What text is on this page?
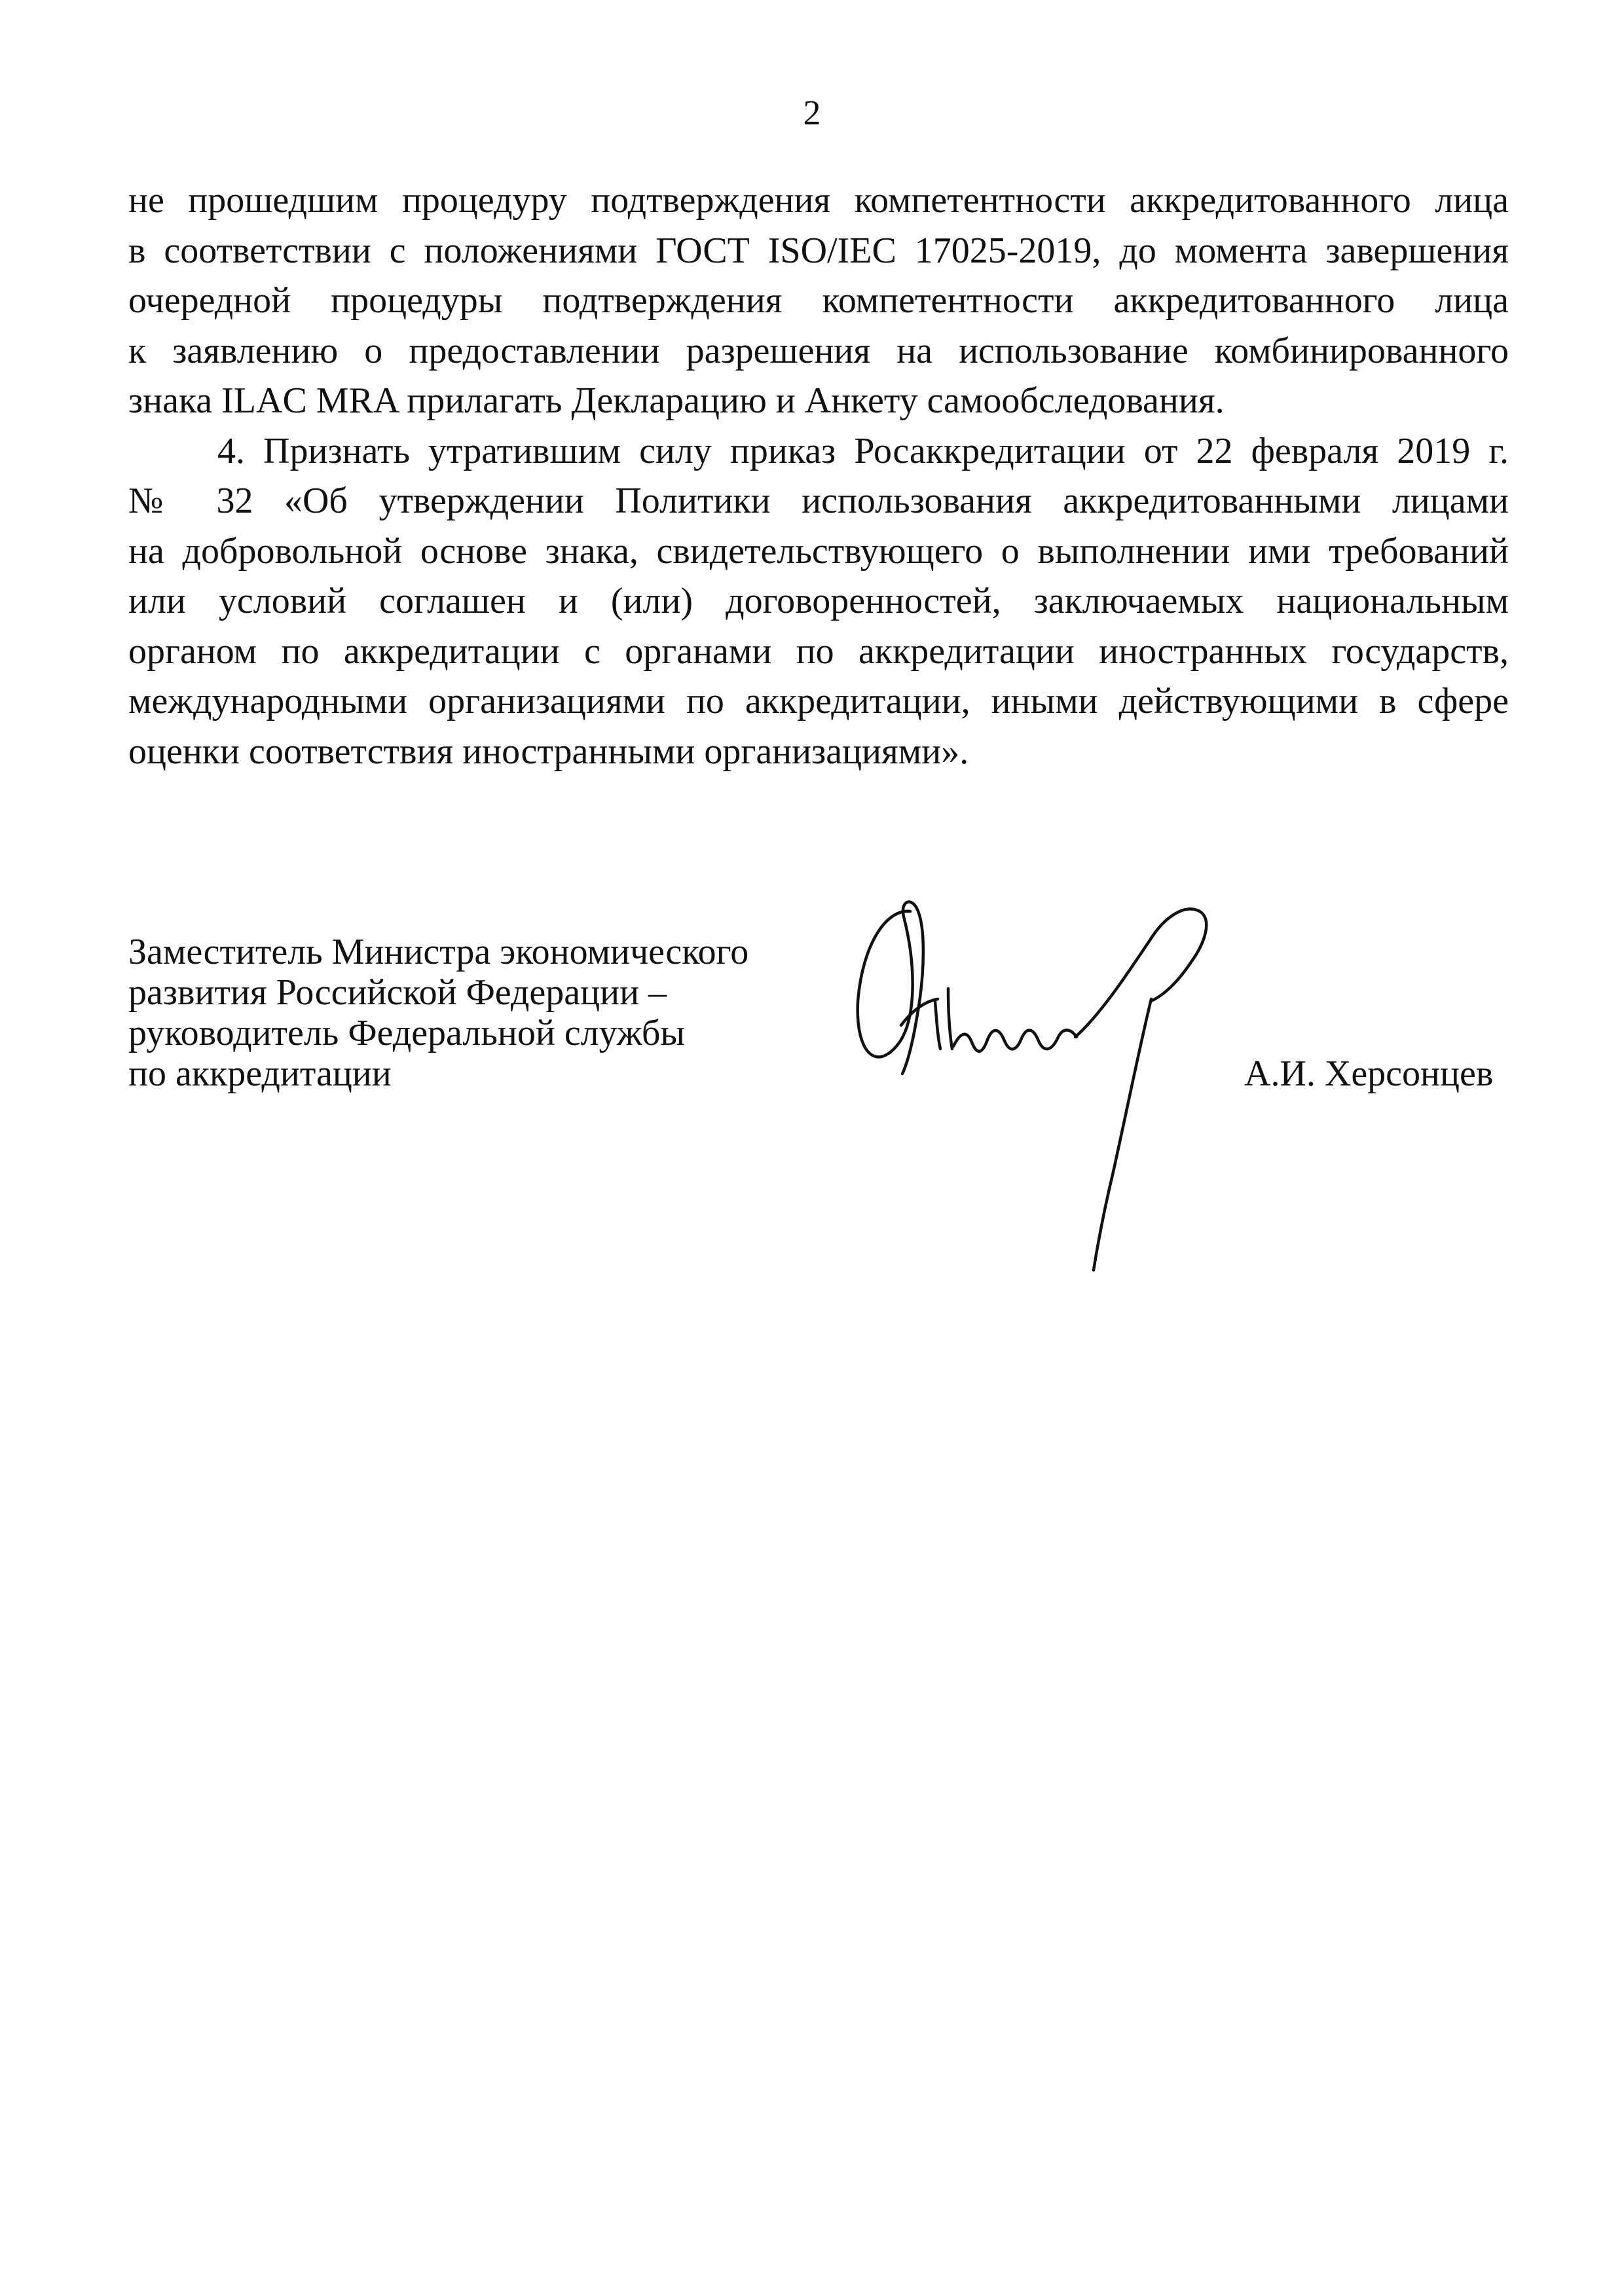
2
не прошедшим процедуру подтверждения компетентности аккредитованного лица
в соответствии с положениями ГОСТ ISO/IEC 17025-2019, до момента завершения
очередной процедуры подтверждения компетентности аккредитованного лица
к заявлению о предоставлении разрешения на использование комбинированного
знака ILAC MRA прилагать Декларацию и Анкету самообследования.
4. Признать утратившим силу приказ Росаккредитации от 22 февраля 2019 г.
№ 32 «Об утверждении Политики использования аккредитованными лицами
на добровольной основе знака, свидетельствующего о выполнении ими требований
или условий соглашен и (или) договоренностей, заключаемых национальным
органом по аккредитации с органами по аккредитации иностранных государств,
международными организациями по аккредитации, иными действующими в сфере
оценки соответствия иностранными организациями».
Заместитель Министра экономического
развития Российской Федерации –
руководитель Федеральной службы
по аккредитации	А.И. Херсонцев
